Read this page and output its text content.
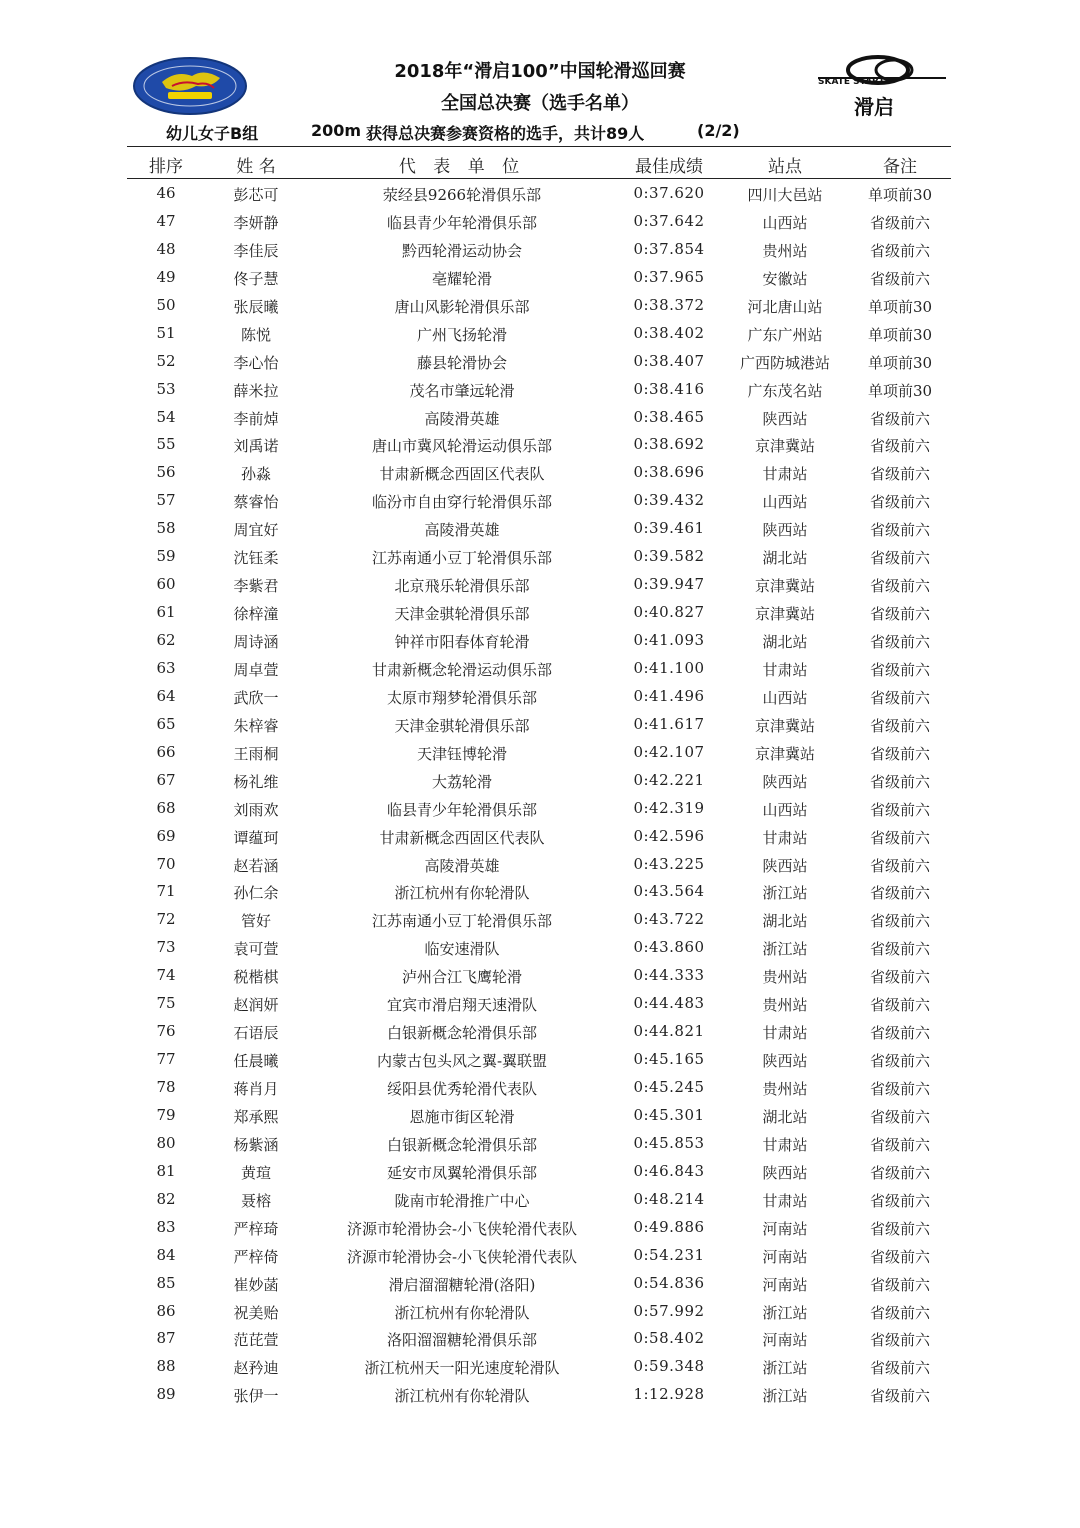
SKATE START
滑启
2018年“滑启100”中国轮滑巡回赛
全国总决赛（选手名单）
幼儿女子B组	200m 获得总决赛参赛资格的选手，共计89人	(2/2)
排序	姓 名	代 表 单 位	最佳成绩	站点	备注
46	彭芯可	荥经县9266轮滑俱乐部	0:37.620	四川大邑站	单项前30
47	李妍静	临县青少年轮滑俱乐部	0:37.642	山西站	省级前六
48	李佳辰	黔西轮滑运动协会	0:37.854	贵州站	省级前六
49	佟子慧	亳耀轮滑	0:37.965	安徽站	省级前六
50	张辰曦	唐山风影轮滑俱乐部	0:38.372	河北唐山站	单项前30
51	陈悦	广州飞扬轮滑	0:38.402	广东广州站	单项前30
52	李心怡	藤县轮滑协会	0:38.407	广西防城港站	单项前30
53	薛米拉	茂名市肇远轮滑	0:38.416	广东茂名站	单项前30
54	李前焯	高陵滑英雄	0:38.465	陕西站	省级前六
55	刘禹诺	唐山市冀风轮滑运动俱乐部	0:38.692	京津冀站	省级前六
56	孙淼	甘肃新概念西固区代表队	0:38.696	甘肃站	省级前六
57	蔡睿怡	临汾市自由穿行轮滑俱乐部	0:39.432	山西站	省级前六
58	周宜好	高陵滑英雄	0:39.461	陕西站	省级前六
59	沈钰柔	江苏南通小豆丁轮滑俱乐部	0:39.582	湖北站	省级前六
60	李紫君	北京飛乐轮滑俱乐部	0:39.947	京津冀站	省级前六
61	徐梓潼	天津金骐轮滑俱乐部	0:40.827	京津冀站	省级前六
62	周诗涵	钟祥市阳春体育轮滑	0:41.093	湖北站	省级前六
63	周卓萱	甘肃新概念轮滑运动俱乐部	0:41.100	甘肃站	省级前六
64	武欣一	太原市翔梦轮滑俱乐部	0:41.496	山西站	省级前六
65	朱梓睿	天津金骐轮滑俱乐部	0:41.617	京津冀站	省级前六
66	王雨桐	天津钰博轮滑	0:42.107	京津冀站	省级前六
67	杨礼维	大荔轮滑	0:42.221	陕西站	省级前六
68	刘雨欢	临县青少年轮滑俱乐部	0:42.319	山西站	省级前六
69	谭蕴珂	甘肃新概念西固区代表队	0:42.596	甘肃站	省级前六
70	赵若涵	高陵滑英雄	0:43.225	陕西站	省级前六
71	孙仁余	浙江杭州有你轮滑队	0:43.564	浙江站	省级前六
72	管好	江苏南通小豆丁轮滑俱乐部	0:43.722	湖北站	省级前六
73	袁可萱	临安速滑队	0:43.860	浙江站	省级前六
74	税楷棋	泸州合江飞鹰轮滑	0:44.333	贵州站	省级前六
75	赵润妍	宜宾市滑启翔天速滑队	0:44.483	贵州站	省级前六
76	石语辰	白银新概念轮滑俱乐部	0:44.821	甘肃站	省级前六
77	任晨曦	内蒙古包头风之翼-翼联盟	0:45.165	陕西站	省级前六
78	蒋肖月	绥阳县优秀轮滑代表队	0:45.245	贵州站	省级前六
79	郑承熙	恩施市街区轮滑	0:45.301	湖北站	省级前六
80	杨紫涵	白银新概念轮滑俱乐部	0:45.853	甘肃站	省级前六
81	黄瑄	延安市凤翼轮滑俱乐部	0:46.843	陕西站	省级前六
82	聂榕	陇南市轮滑推广中心	0:48.214	甘肃站	省级前六
83	严梓琦	济源市轮滑协会-小飞侠轮滑代表队	0:49.886	河南站	省级前六
84	严梓倚	济源市轮滑协会-小飞侠轮滑代表队	0:54.231	河南站	省级前六
85	崔妙菡	滑启溜溜糖轮滑(洛阳)	0:54.836	河南站	省级前六
86	祝美贻	浙江杭州有你轮滑队	0:57.992	浙江站	省级前六
87	范芘萱	洛阳溜溜糖轮滑俱乐部	0:58.402	河南站	省级前六
88	赵矜迪	浙江杭州天一阳光速度轮滑队	0:59.348	浙江站	省级前六
89	张伊一	浙江杭州有你轮滑队	1:12.928	浙江站	省级前六
